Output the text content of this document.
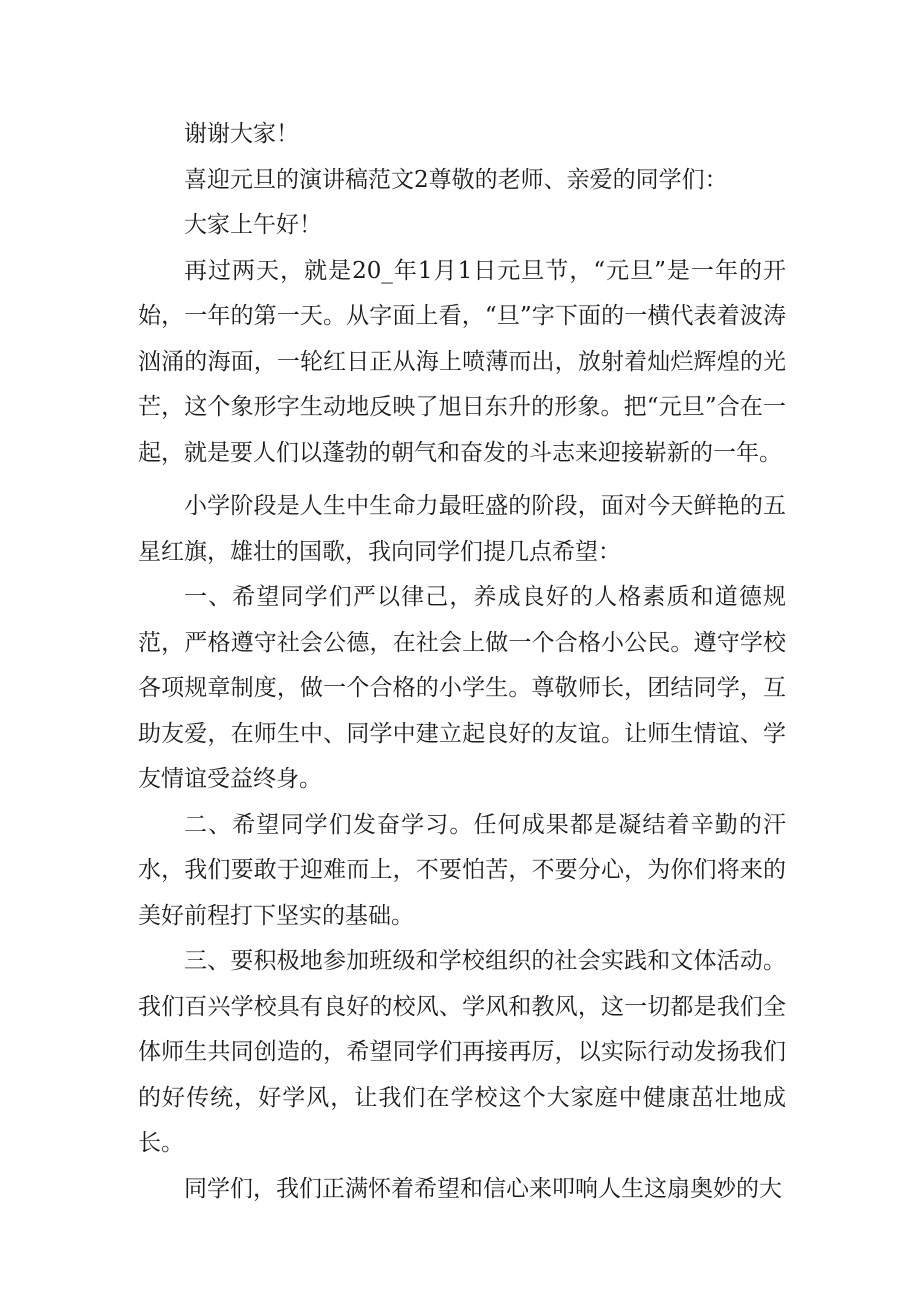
谢谢大家！

喜迎元旦的演讲稿范文2尊敬的老师、亲爱的同学们：

大家上午好！

再过两天，就是20_年1月1日元旦节，“元旦”是一年的开始，一年的第一天。从字面上看，“旦”字下面的一横代表着波涛汹涌的海面，一轮红日正从海上喷薄而出，放射着灿烂辉煌的光芒，这个象形字生动地反映了旭日东升的形象。把“元旦”合在一起，就是要人们以蓬勃的朝气和奋发的斗志来迎接崭新的一年。

小学阶段是人生中生命力最旺盛的阶段，面对今天鲜艳的五星红旗，雄壮的国歌，我向同学们提几点希望：

一、希望同学们严以律己，养成良好的人格素质和道德规范，严格遵守社会公德，在社会上做一个合格小公民。遵守学校各项规章制度，做一个合格的小学生。尊敬师长，团结同学，互助友爱，在师生中、同学中建立起良好的友谊。让师生情谊、学友情谊受益终身。

二、希望同学们发奋学习。任何成果都是凝结着辛勤的汗水，我们要敢于迎难而上，不要怕苦，不要分心，为你们将来的美好前程打下坚实的基础。

三、要积极地参加班级和学校组织的社会实践和文体活动。我们百兴学校具有良好的校风、学风和教风，这一切都是我们全体师生共同创造的，希望同学们再接再厉，以实际行动发扬我们的好传统，好学风，让我们在学校这个大家庭中健康茁壮地成长。

同学们，我们正满怀着希望和信心来叩响人生这扇奥妙的大
